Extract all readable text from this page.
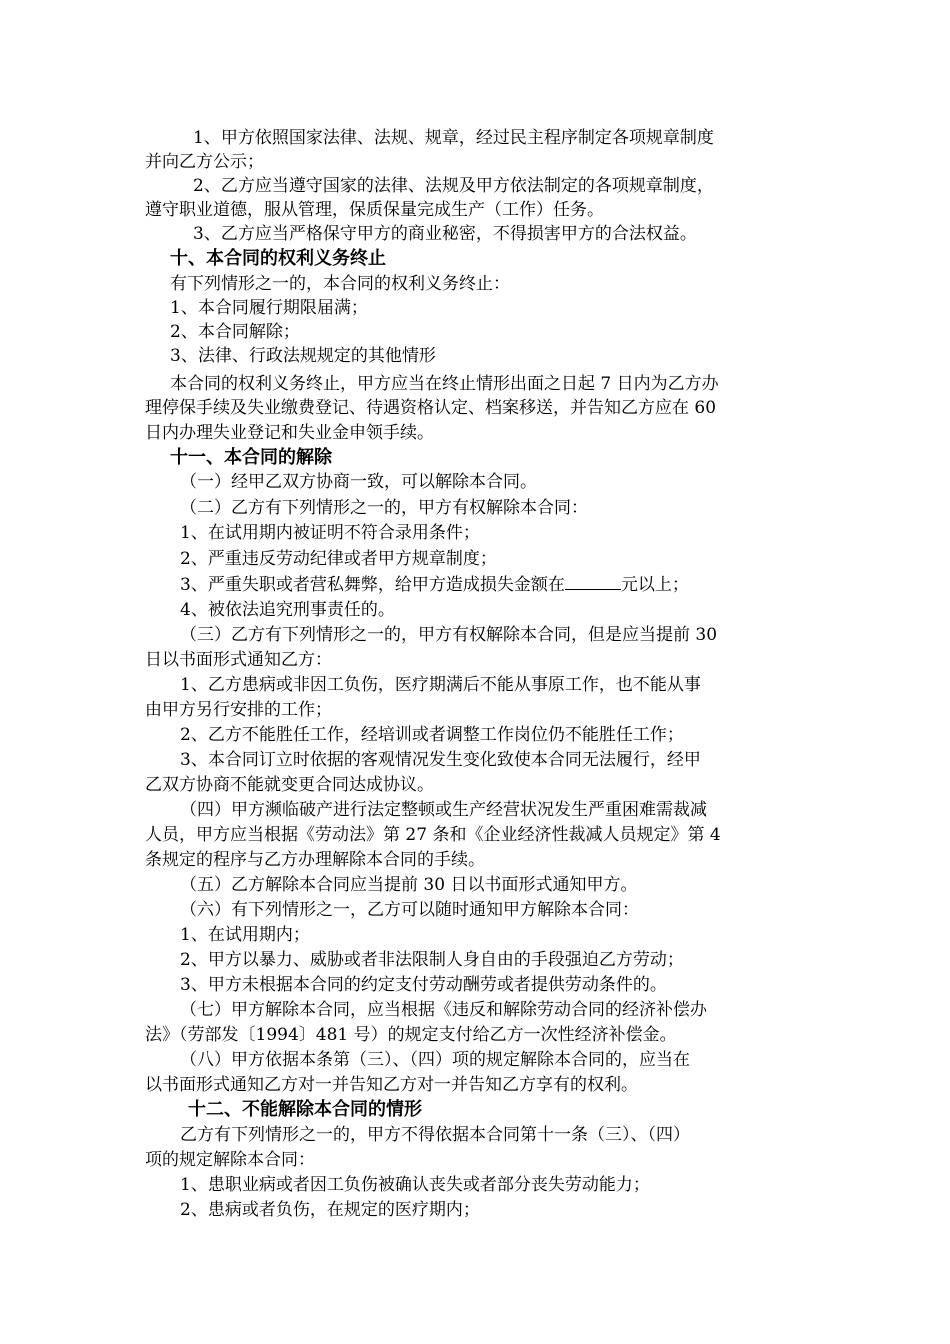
1、甲方依照国家法律、法规、规章，经过民主程序制定各项规章制度
并向乙方公示；
2、乙方应当遵守国家的法律、法规及甲方依法制定的各项规章制度，
遵守职业道德，服从管理，保质保量完成生产（工作）任务。
3、乙方应当严格保守甲方的商业秘密，不得损害甲方的合法权益。
十、本合同的权利义务终止
有下列情形之一的，本合同的权利义务终止：
1、本合同履行期限届满；
2、本合同解除；
3、法律、行政法规规定的其他情形
本合同的权利义务终止，甲方应当在终止情形出面之日起 7 日内为乙方办
理停保手续及失业缴费登记、待遇资格认定、档案移送，并告知乙方应在 60
日内办理失业登记和失业金申领手续。
十一、本合同的解除
（一）经甲乙双方协商一致，可以解除本合同。
（二）乙方有下列情形之一的，甲方有权解除本合同：
1、在试用期内被证明不符合录用条件；
2、严重违反劳动纪律或者甲方规章制度；
3、严重失职或者营私舞弊，给甲方造成损失金额在	元以上；
4、被依法追究刑事责任的。
（三）乙方有下列情形之一的，甲方有权解除本合同，但是应当提前 30
日以书面形式通知乙方：
1、乙方患病或非因工负伤，医疗期满后不能从事原工作，也不能从事
由甲方另行安排的工作；
2、乙方不能胜任工作，经培训或者调整工作岗位仍不能胜任工作；
3、本合同订立时依据的客观情况发生变化致使本合同无法履行，经甲
乙双方协商不能就变更合同达成协议。
（四）甲方濒临破产进行法定整顿或生产经营状况发生严重困难需裁减
人员，甲方应当根据《劳动法》第 27 条和《企业经济性裁减人员规定》第 4
条规定的程序与乙方办理解除本合同的手续。
（五）乙方解除本合同应当提前 30 日以书面形式通知甲方。
（六）有下列情形之一，乙方可以随时通知甲方解除本合同：
1、在试用期内；
2、甲方以暴力、威胁或者非法限制人身自由的手段强迫乙方劳动；
3、甲方未根据本合同的约定支付劳动酬劳或者提供劳动条件的。
（七）甲方解除本合同，应当根据《违反和解除劳动合同的经济补偿办
法》（劳部发〔1994〕481 号）的规定支付给乙方一次性经济补偿金。
（八）甲方依据本条第（三）、（四）项的规定解除本合同的，应当在
以书面形式通知乙方对一并告知乙方对一并告知乙方享有的权利。
十二、不能解除本合同的情形
乙方有下列情形之一的，甲方不得依据本合同第十一条（三）、（四）
项的规定解除本合同：
1、患职业病或者因工负伤被确认丧失或者部分丧失劳动能力；
2、患病或者负伤，在规定的医疗期内；
